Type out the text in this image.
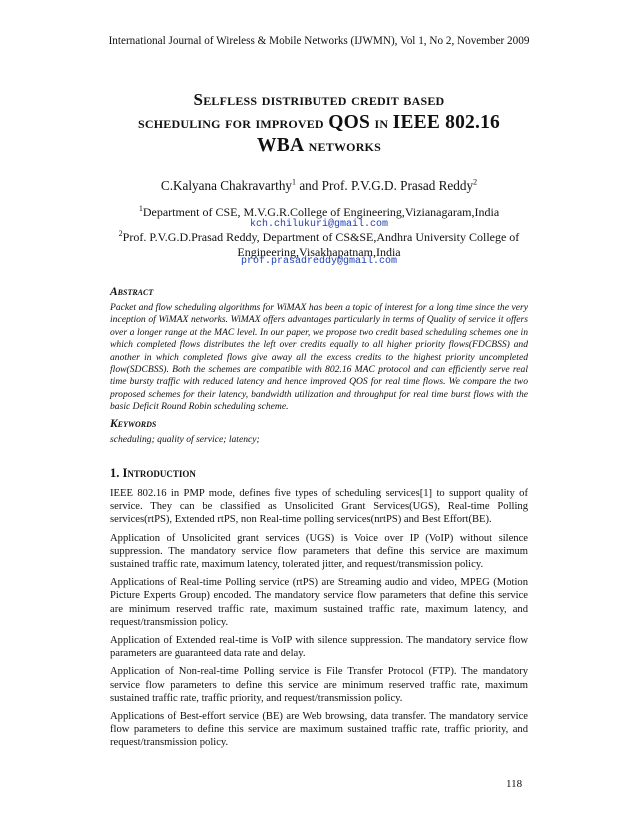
International Journal of Wireless & Mobile Networks (IJWMN), Vol 1, No 2, November 2009
Selfless distributed credit based
scheduling for improved QOS in IEEE 802.16
WBA networks
C.Kalyana Chakravarthy$^1$ and Prof. P.V.G.D. Prasad Reddy$^2$
$^1$Department of CSE, M.V.G.R.College of Engineering,Vizianagaram,India
kch.chilukuri@gmail.com
$^2$Prof. P.V.G.D.Prasad Reddy, Department of CS&SE,Andhra University College of
Engineering,Visakhapatnam,India
prof.prasadreddy@gmail.com
Abstract
Packet and flow scheduling algorithms for WiMAX has been a topic of interest for a long time since the very inception of WiMAX networks. WiMAX offers advantages particularly in terms of Quality of service it offers over a longer range at the MAC level. In our paper, we propose two credit based scheduling schemes one in which completed flows distributes the left over credits equally to all higher priority flows(FDCBSS) and another in which completed flows give away all the excess credits to the highest priority uncompleted flow(SDCBSS). Both the schemes are compatible with 802.16 MAC protocol and can efficiently serve real time bursty traffic with reduced latency and hence improved QOS for real time flows. We compare the two proposed schemes for their latency, bandwidth utilization and throughput for real time burst flows with the basic Deficit Round Robin scheduling scheme.
Keywords
scheduling; quality of service; latency;
1. Introduction

IEEE 802.16 in PMP mode, defines five types of scheduling services[1] to support quality of service. They can be classified as Unsolicited Grant Services(UGS), Real-time Polling services(rtPS), Extended rtPS, non Real-time polling services(nrtPS) and Best Effort(BE).

Application of Unsolicited grant services (UGS) is Voice over IP (VoIP) without silence suppression. The mandatory service flow parameters that define this service are maximum sustained traffic rate, maximum latency, tolerated jitter, and request/transmission policy.

Applications of Real-time Polling service (rtPS) are Streaming audio and video, MPEG (Motion Picture Experts Group) encoded. The mandatory service flow parameters that define this service are minimum reserved traffic rate, maximum sustained traffic rate, maximum latency, and request/transmission policy.

Application of Extended real-time is VoIP with silence suppression. The mandatory service flow parameters are guaranteed data rate and delay.

Application of Non-real-time Polling service is File Transfer Protocol (FTP). The mandatory service flow parameters to define this service are minimum reserved traffic rate, maximum sustained traffic rate, traffic priority, and request/transmission policy.

Applications of Best-effort service (BE) are Web browsing, data transfer. The mandatory service flow parameters to define this service are maximum sustained traffic rate, traffic priority, and request/transmission policy.

118
